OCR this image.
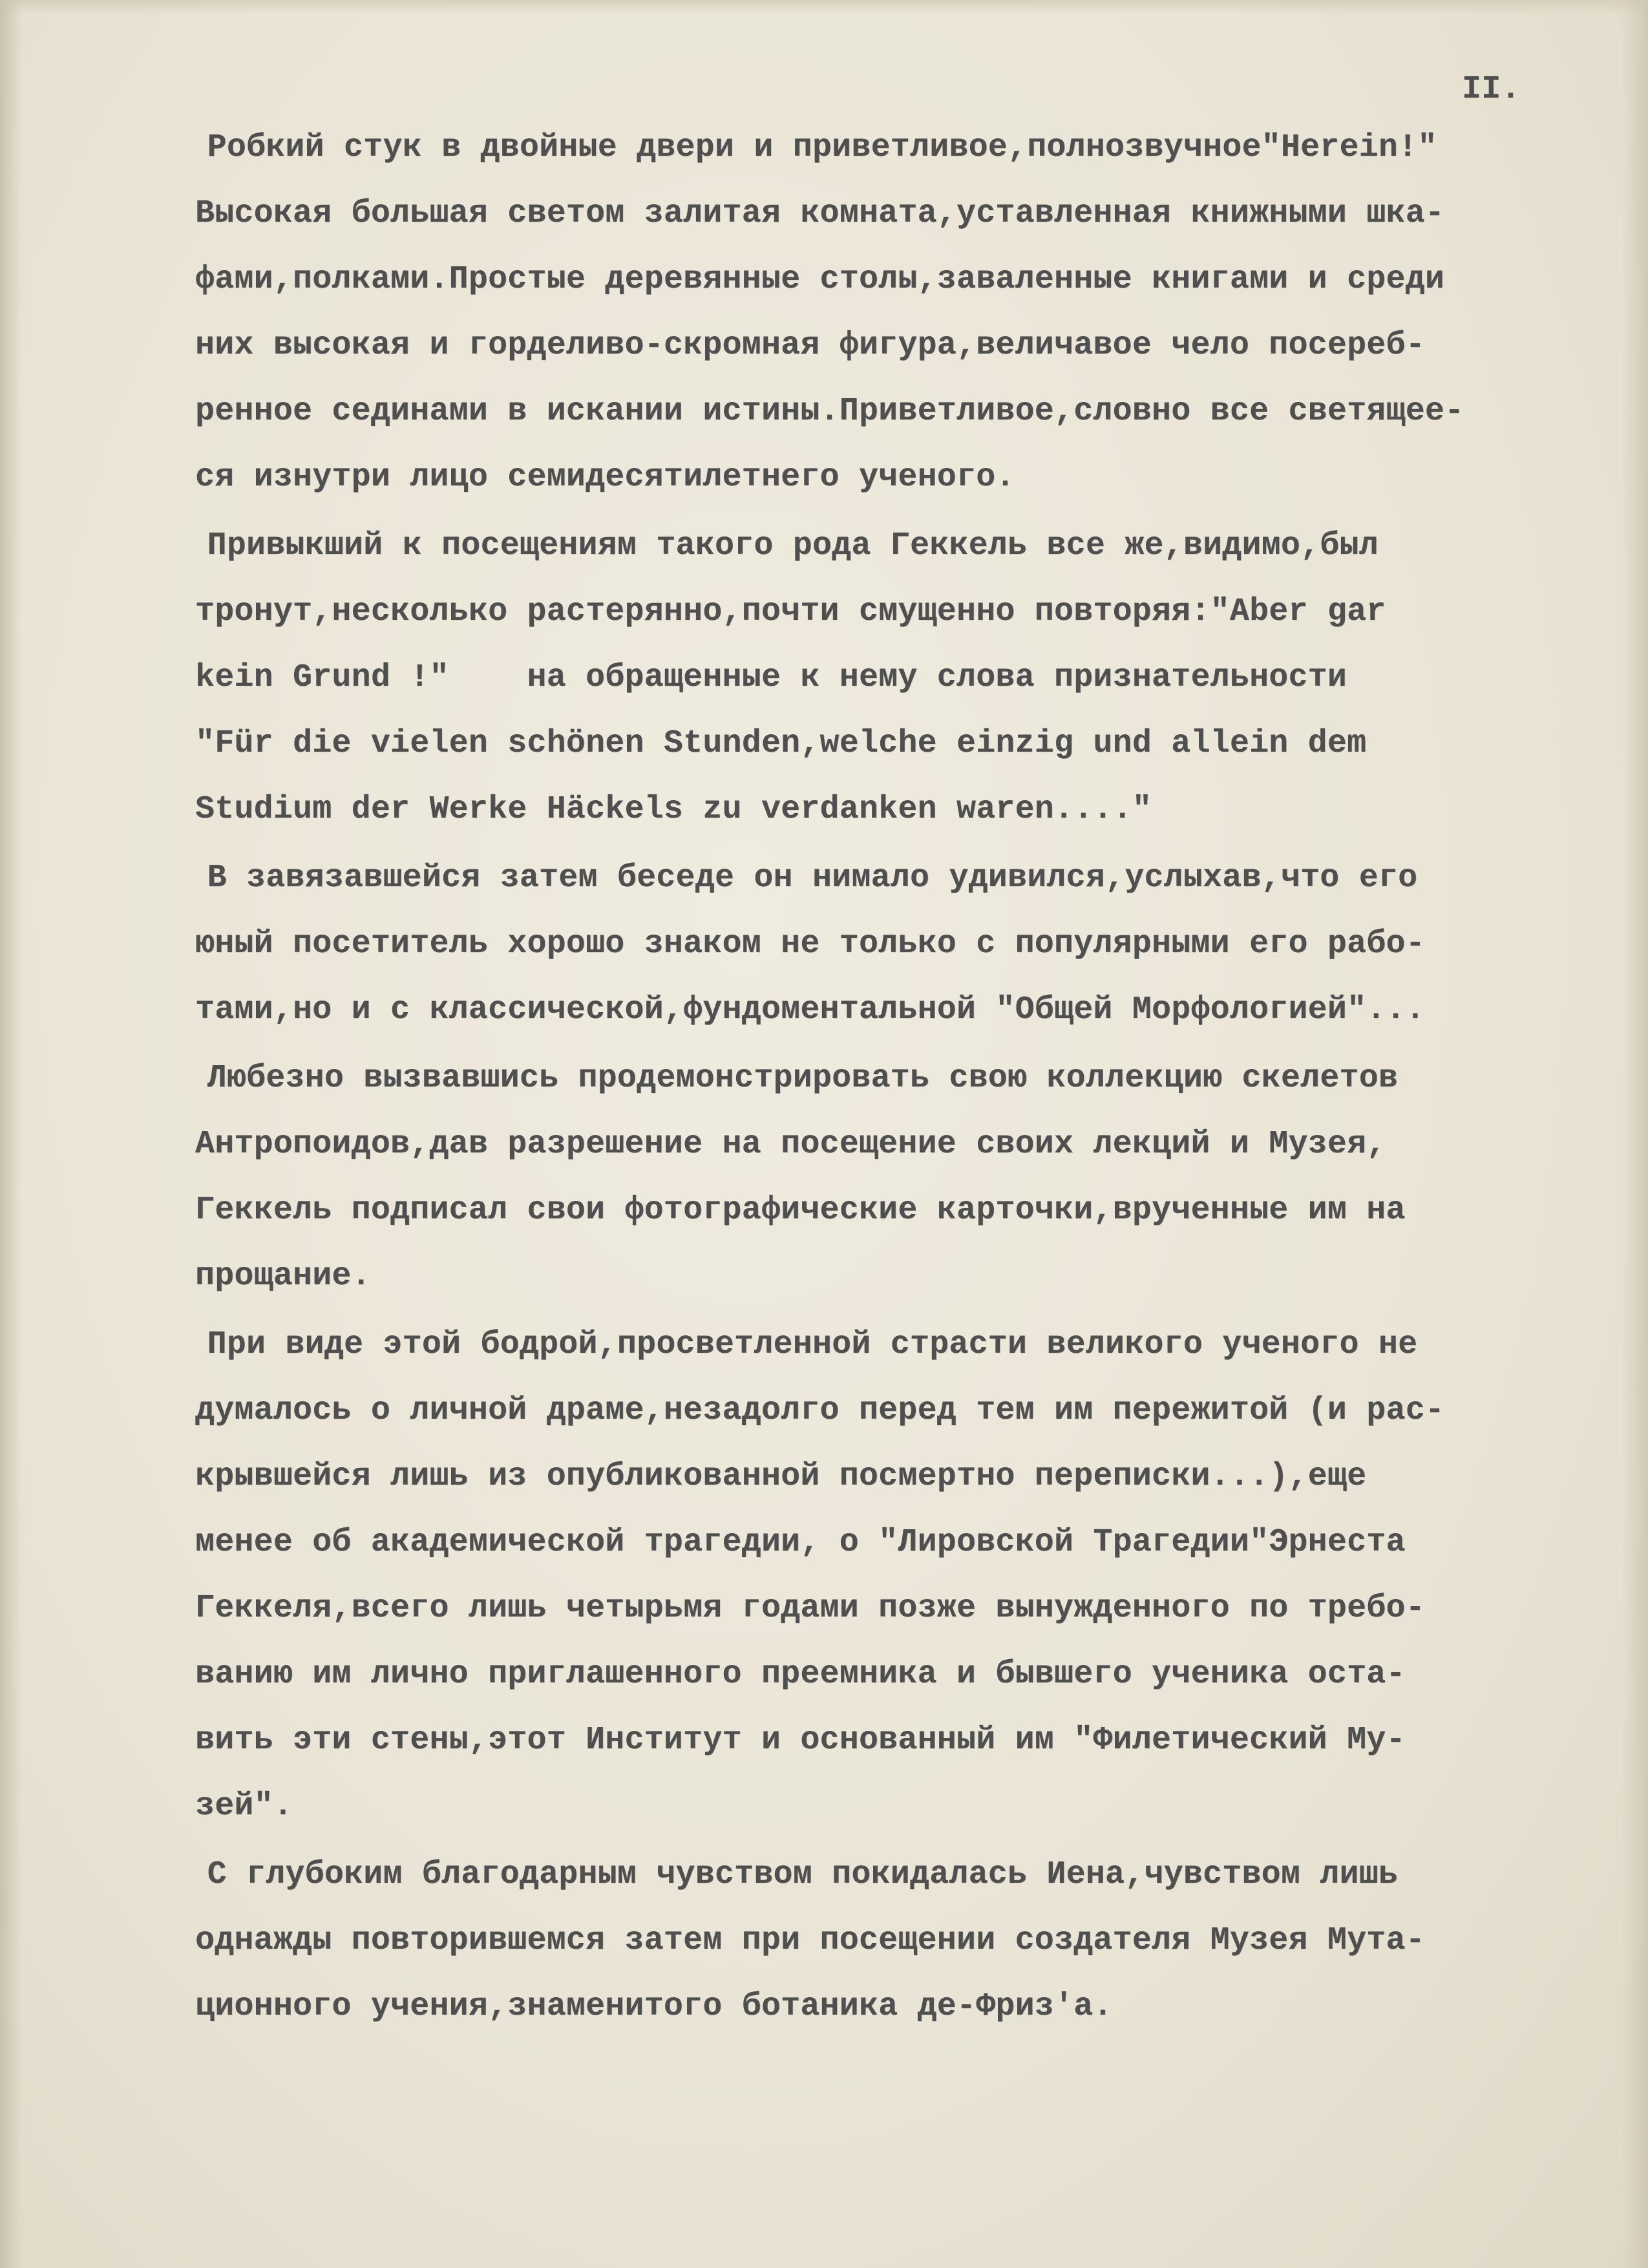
II.
Робкий стук в двойные двери и приветливое,полнозвучное"Herein!"
Высокая большая светом залитая комната,уставленная книжными шка-
фами,полками.Простые деревянные столы,заваленные книгами и среди
них высокая и горделиво-скромная фигура,величавое чело посереб-
ренное сединами в искании истины.Приветливое,словно все светящее-
ся изнутри лицо семидесятилетнего ученого.
Привыкший к посещениям такого рода Геккель все же,видимо,был
тронут,несколько растерянно,почти смущенно повторяя:"Aber gar
kein Grund !"    на обращенные к нему слова признательности
"Für die vielen schönen Stunden,welche einzig und allein dem
Studium der Werke Häckels zu verdanken waren...."
В завязавшейся затем беседе он нимало удивился,услыхав,что его
юный посетитель хорошо знаком не только с популярными его рабо-
тами,но и с классической,фундоментальной "Общей Морфологией"...
Любезно вызвавшись продемонстрировать свою коллекцию скелетов
Антропоидов,дав разрешение на посещение своих лекций и Музея,
Геккель подписал свои фотографические карточки,врученные им на
прощание.
При виде этой бодрой,просветленной страсти великого ученого не
думалось о личной драме,незадолго перед тем им пережитой (и рас-
крывшейся лишь из опубликованной посмертно переписки...),еще
менее об академической трагедии, о "Лировской Трагедии"Эрнеста
Геккеля,всего лишь четырьмя годами позже вынужденного по требо-
ванию им лично приглашенного преемника и бывшего ученика оста-
вить эти стены,этот Институт и основанный им "Филетический Му-
зей".
С глубоким благодарным чувством покидалась Иена,чувством лишь
однажды повторившемся затем при посещении создателя Музея Мута-
ционного учения,знаменитого ботаника де-Фриз'а.
